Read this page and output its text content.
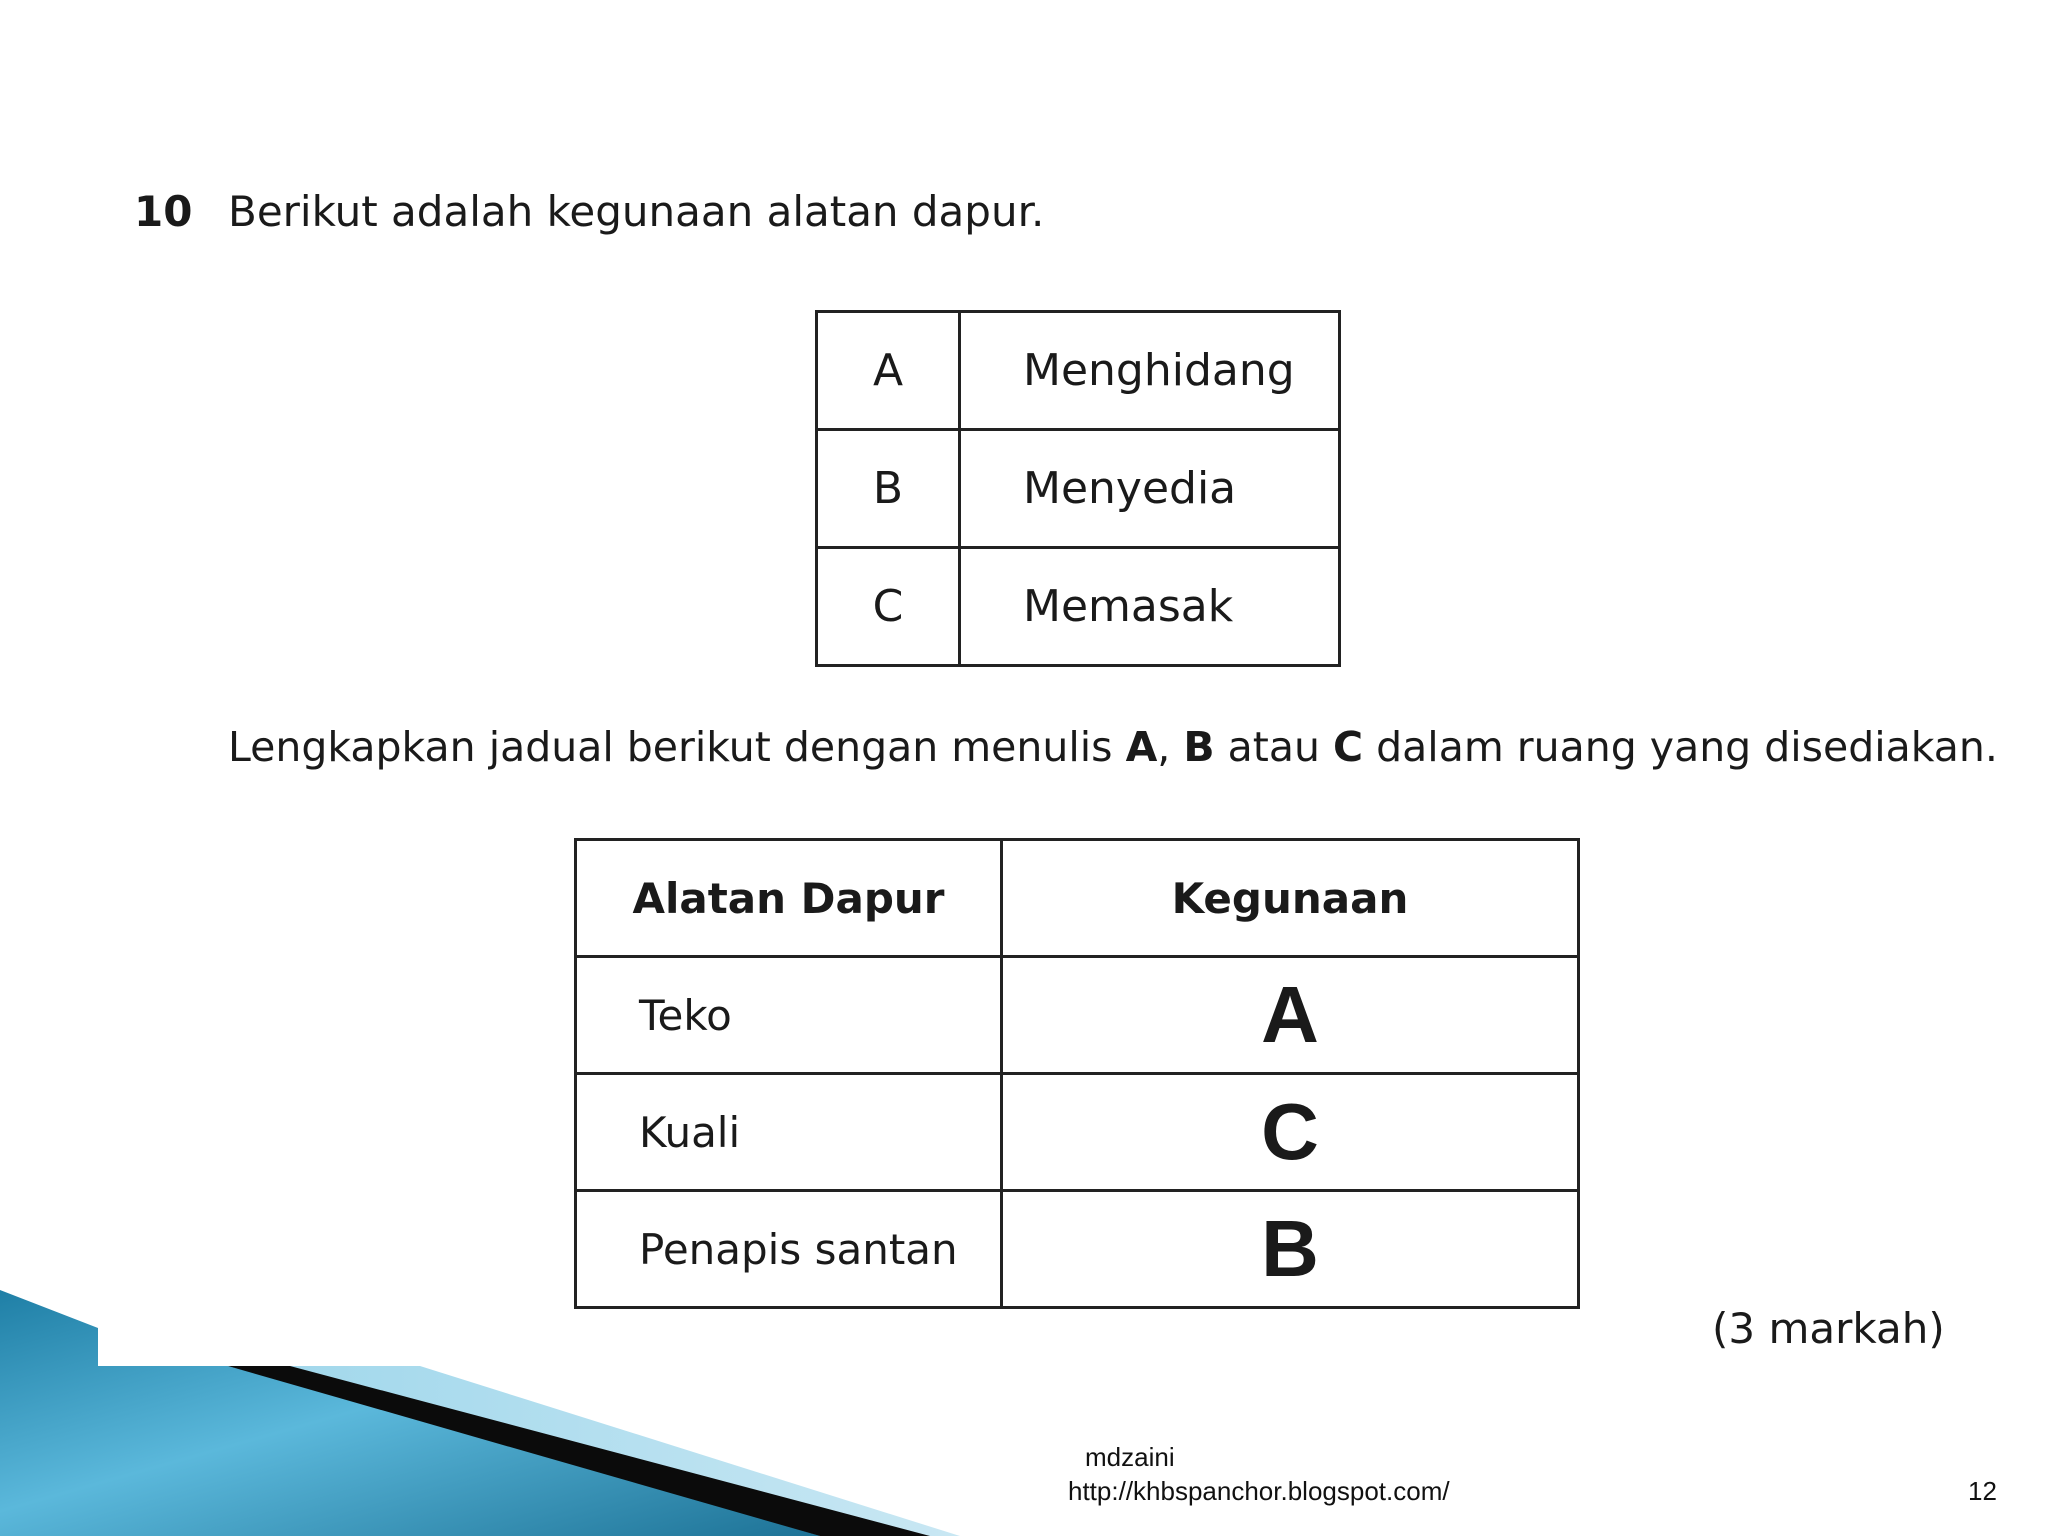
10 Berikut adalah kegunaan alatan dapur.
A	Menghidang
B	Menyedia
C	Memasak
Lengkapkan jadual berikut dengan menulis A, B atau C dalam ruang yang disediakan.
Alatan Dapur	Kegunaan
Teko	A
Kuali	C
Penapis santan	B
(3 markah)
mdzaini
http://khbspanchor.blogspot.com/	12
